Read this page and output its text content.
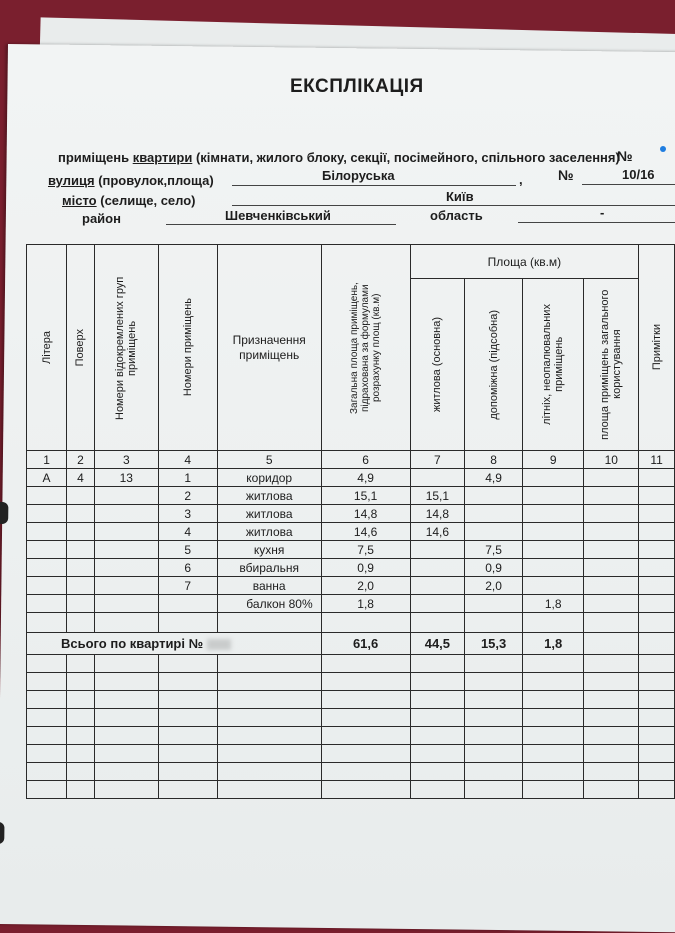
ЕКСПЛІКАЦІЯ
приміщень квартири (кімнати, жилого блоку, секції, посімейного, спільного заселення)
№
вулиця (провулок,площа)	Білоруська	,	№	10/16
місто (селище, село)	Київ
район	Шевченківський	область	-
Літера	Поверх	Номери відокремлених груп приміщень	Номери приміщень	Призначення приміщень	Загальна площа приміщень, підрахована за формулами розрахунку площ (кв.м)	Площа (кв.м)				Примітки

						житлова (основна)	допоміжна (підсобна)	літніх, неопалювальних приміщень	площа приміщень загального користування	

1	2	3	4	5	6	7	8	9	10	11
А	4	13	1	коридор	4,9		4,9			
			2	житлова	15,1	15,1				
			3	житлова	14,8	14,8				
			4	житлова	14,6	14,6				
			5	кухня	7,5		7,5			
			6	вбиральня	0,9		0,9			
			7	ванна	2,0		2,0			
				балкон 80%	1,8			1,8		

Всього по квартирі №					61,6	44,5	15,3	1,8		
